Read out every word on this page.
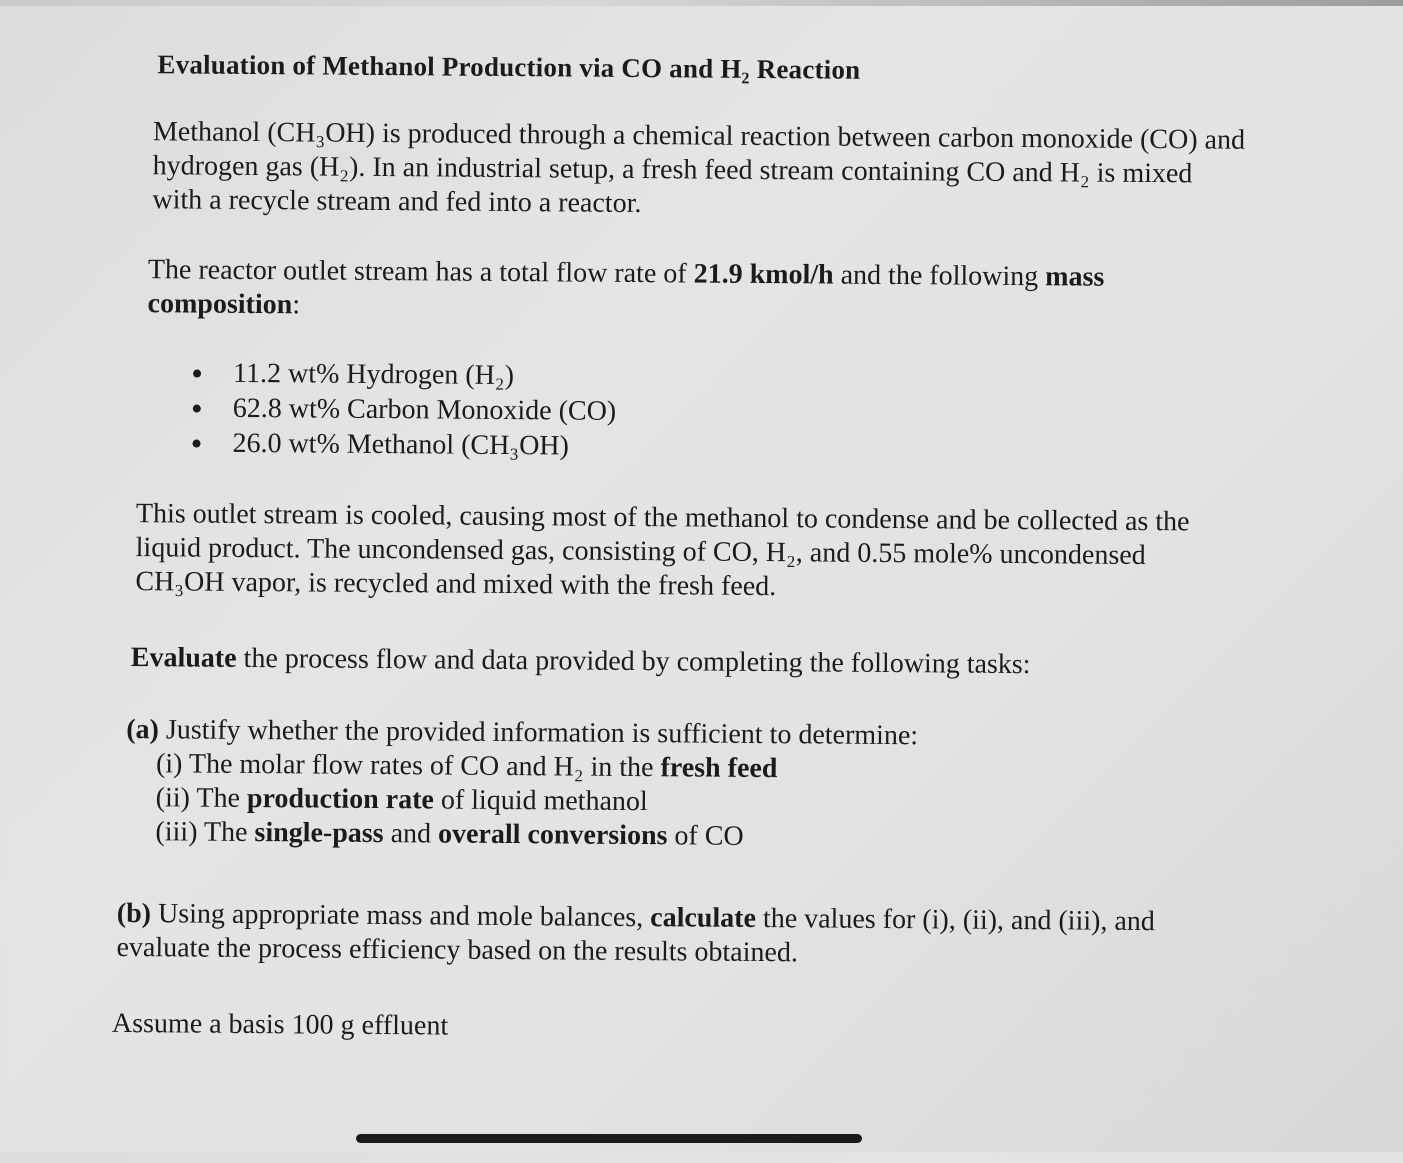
Evaluation of Methanol Production via CO and H₂ Reaction
Methanol (CH₃OH) is produced through a chemical reaction between carbon monoxide (CO) and
hydrogen gas (H₂). In an industrial setup, a fresh feed stream containing CO and H₂ is mixed
with a recycle stream and fed into a reactor.
The reactor outlet stream has a total flow rate of 21.9 kmol/h and the following mass
composition:
11.2 wt% Hydrogen (H₂)
62.8 wt% Carbon Monoxide (CO)
26.0 wt% Methanol (CH₃OH)
This outlet stream is cooled, causing most of the methanol to condense and be collected as the
liquid product. The uncondensed gas, consisting of CO, H₂, and 0.55 mole% uncondensed
CH₃OH vapor, is recycled and mixed with the fresh feed.
Evaluate the process flow and data provided by completing the following tasks:
(a) Justify whether the provided information is sufficient to determine:
(i) The molar flow rates of CO and H₂ in the fresh feed
(ii) The production rate of liquid methanol
(iii) The single-pass and overall conversions of CO
(b) Using appropriate mass and mole balances, calculate the values for (i), (ii), and (iii), and
evaluate the process efficiency based on the results obtained.
Assume a basis 100 g effluent
